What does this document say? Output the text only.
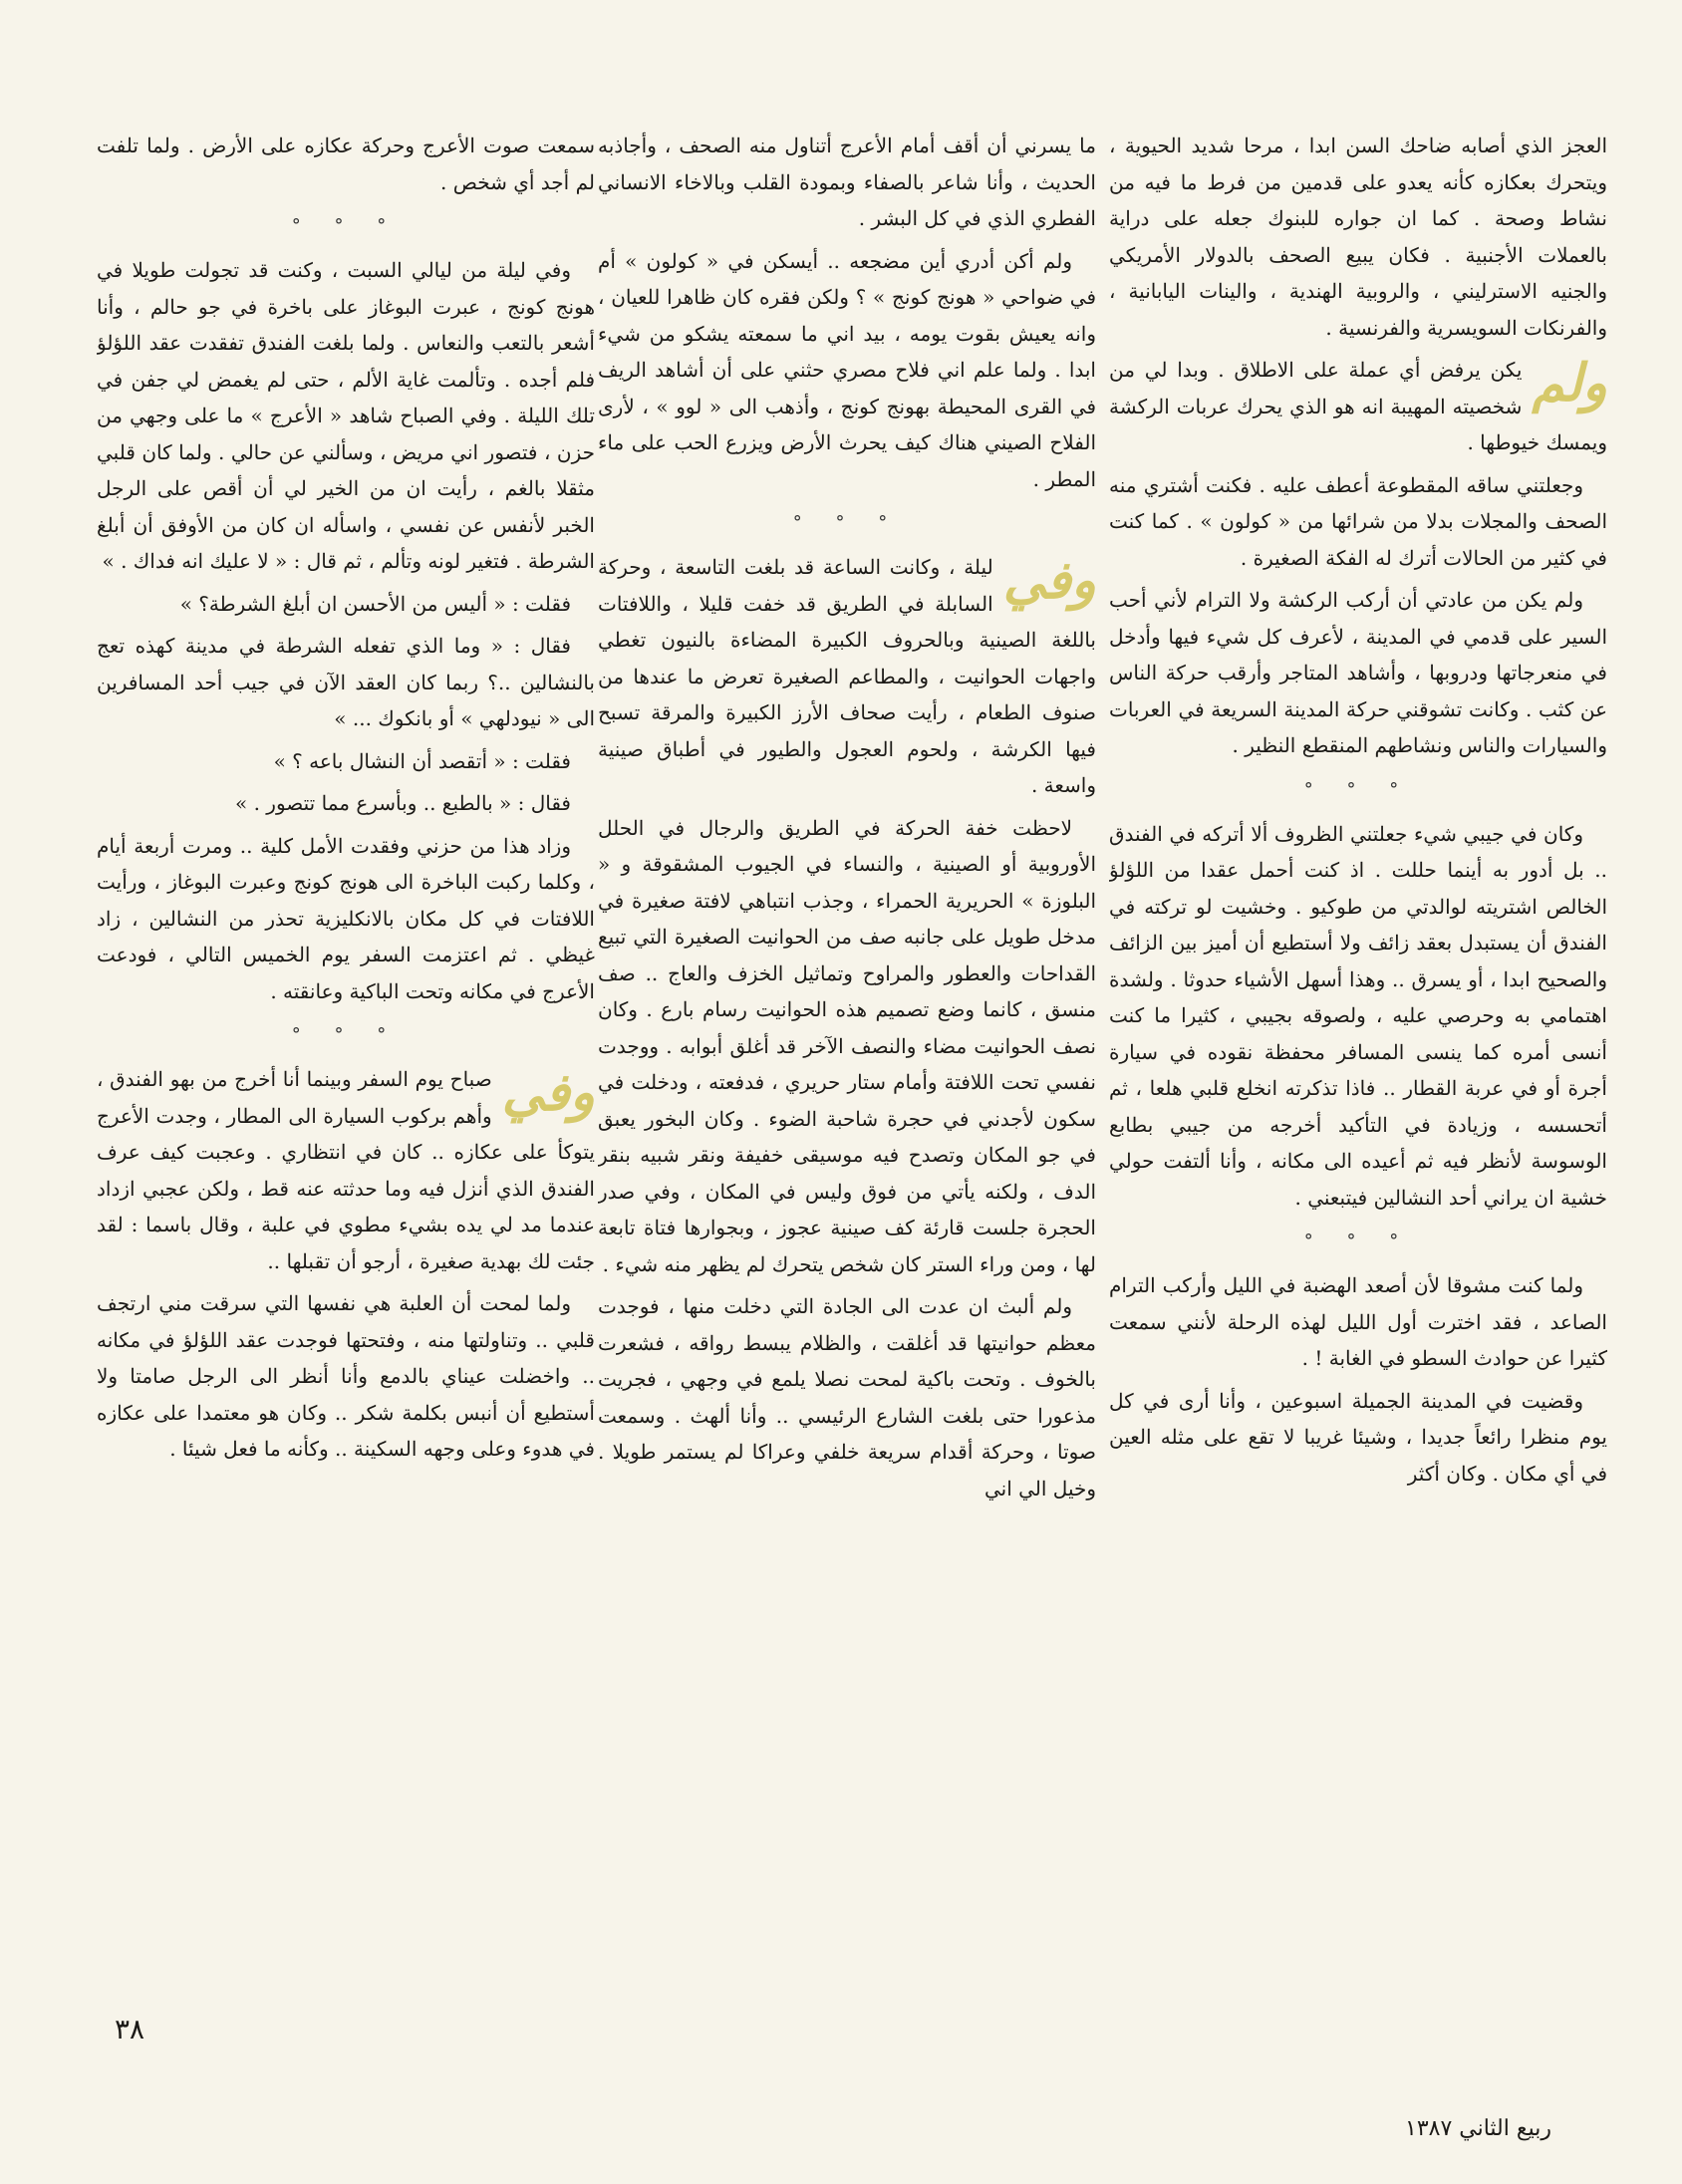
العجز الذي أصابه ضاحك السن ابدا ، مرحا شديد الحيوية ، ويتحرك بعكازه كأنه يعدو على قدمين من فرط ما فيه من نشاط وصحة . كما ان جواره للبنوك جعله على دراية بالعملات الأجنبية . فكان يبيع الصحف بالدولار الأمريكي والجنيه الاسترليني ، والروبية الهندية ، والينات اليابانية ، والفرنكات السويسرية والفرنسية .

ولم
يكن يرفض أي عملة على الاطلاق . وبدا لي من شخصيته المهيبة انه هو الذي يحرك عربات الركشة ويمسك خيوطها .

وجعلتني ساقه المقطوعة أعطف عليه . فكنت أشتري منه الصحف والمجلات بدلا من شرائها من « كولون » . كما كنت في كثير من الحالات أترك له الفكة الصغيرة .

ولم يكن من عادتي أن أركب الركشة ولا الترام لأني أحب السير على قدمي في المدينة ، لأعرف كل شيء فيها وأدخل في منعرجاتها ودروبها ، وأشاهد المتاجر وأرقب حركة الناس عن كثب . وكانت تشوقني حركة المدينة السريعة في العربات والسيارات والناس ونشاطهم المنقطع النظير .

° ° °

وكان في جيبي شيء جعلتني الظروف ألا أتركه في الفندق .. بل أدور به أينما حللت . اذ كنت أحمل عقدا من اللؤلؤ الخالص اشتريته لوالدتي من طوكيو . وخشيت لو تركته في الفندق أن يستبدل بعقد زائف ولا أستطيع أن أميز بين الزائف والصحيح ابدا ، أو يسرق .. وهذا أسهل الأشياء حدوثا . ولشدة اهتمامي به وحرصي عليه ، ولصوقه بجيبي ، كثيرا ما كنت أنسى أمره كما ينسى المسافر محفظة نقوده في سيارة أجرة أو في عربة القطار .. فاذا تذكرته انخلع قلبي هلعا ، ثم أتحسسه ، وزيادة في التأكيد أخرجه من جيبي بطابع الوسوسة لأنظر فيه ثم أعيده الى مكانه ، وأنا ألتفت حولي خشية ان يراني أحد النشالين فيتبعني .

° ° °

ولما كنت مشوقا لأن أصعد الهضبة في الليل وأركب الترام الصاعد ، فقد اخترت أول الليل لهذه الرحلة لأنني سمعت كثيرا عن حوادث السطو في الغابة ! .

وقضيت في المدينة الجميلة اسبوعين ، وأنا أرى في كل يوم منظرا رائعاً جديدا ، وشيئا غريبا لا تقع على مثله العين في أي مكان . وكان أكثر

ما يسرني أن أقف أمام الأعرج أتناول منه الصحف ، وأجاذبه الحديث ، وأنا شاعر بالصفاء وبمودة القلب وبالاخاء الانساني الفطري الذي في كل البشر .

ولم أكن أدري أين مضجعه .. أيسكن في « كولون » أم في ضواحي « هونج كونج » ؟ ولكن فقره كان ظاهرا للعيان ، وانه يعيش بقوت يومه ، بيد اني ما سمعته يشكو من شيء ابدا . ولما علم اني فلاح مصري حثني على أن أشاهد الريف في القرى المحيطة بهونج كونج ، وأذهب الى « لوو » ، لأرى الفلاح الصيني هناك كيف يحرث الأرض ويزرع الحب على ماء المطر .

° ° °

وفي
ليلة ، وكانت الساعة قد بلغت التاسعة ، وحركة السابلة في الطريق قد خفت قليلا ، واللافتات باللغة الصينية وبالحروف الكبيرة المضاءة بالنيون تغطي واجهات الحوانيت ، والمطاعم الصغيرة تعرض ما عندها من صنوف الطعام ، رأيت صحاف الأرز الكبيرة والمرقة تسبح فيها الكرشة ، ولحوم العجول والطيور في أطباق صينية واسعة .

لاحظت خفة الحركة في الطريق والرجال في الحلل الأوروبية أو الصينية ، والنساء في الجيوب المشقوقة و « البلوزة » الحريرية الحمراء ، وجذب انتباهي لافتة صغيرة في مدخل طويل على جانبه صف من الحوانيت الصغيرة التي تبيع القداحات والعطور والمراوح وتماثيل الخزف والعاج .. صف منسق ، كانما وضع تصميم هذه الحوانيت رسام بارع . وكان نصف الحوانيت مضاء والنصف الآخر قد أغلق أبوابه . ووجدت نفسي تحت اللافتة وأمام ستار حريري ، فدفعته ، ودخلت في سكون لأجدني في حجرة شاحبة الضوء . وكان البخور يعبق في جو المكان وتصدح فيه موسيقى خفيفة ونقر شبيه بنقر الدف ، ولكنه يأتي من فوق وليس في المكان ، وفي صدر الحجرة جلست قارئة كف صينية عجوز ، وبجوارها فتاة تابعة لها ، ومن وراء الستر كان شخص يتحرك لم يظهر منه شيء .

ولم ألبث ان عدت الى الجادة التي دخلت منها ، فوجدت معظم حوانيتها قد أغلقت ، والظلام يبسط رواقه ، فشعرت بالخوف . وتحت باكية لمحت نصلا يلمع في وجهي ، فجريت مذعورا حتى بلغت الشارع الرئيسي .. وأنا ألهث . وسمعت صوتا ، وحركة أقدام سريعة خلفي وعراكا لم يستمر طويلا . وخيل الي اني

سمعت صوت الأعرج وحركة عكازه على الأرض . ولما تلفت لم أجد أي شخص .

° ° °

وفي ليلة من ليالي السبت ، وكنت قد تجولت طويلا في هونج كونج ، عبرت البوغاز على باخرة في جو حالم ، وأنا أشعر بالتعب والنعاس . ولما بلغت الفندق تفقدت عقد اللؤلؤ فلم أجده . وتألمت غاية الألم ، حتى لم يغمض لي جفن في تلك الليلة . وفي الصباح شاهد « الأعرج » ما على وجهي من حزن ، فتصور اني مريض ، وسألني عن حالي . ولما كان قلبي مثقلا بالغم ، رأيت ان من الخير لي أن أقص على الرجل الخبر لأنفس عن نفسي ، واسأله ان كان من الأوفق أن أبلغ الشرطة . فتغير لونه وتألم ، ثم قال : « لا عليك انه فداك . »

فقلت : « أليس من الأحسن ان أبلغ الشرطة؟ »

فقال : « وما الذي تفعله الشرطة في مدينة كهذه تعج بالنشالين ..؟ ربما كان العقد الآن في جيب أحد المسافرين الى « نيودلهي » أو بانكوك ... »

فقلت : « أتقصد أن النشال باعه ؟ »

فقال : « بالطبع .. وبأسرع مما تتصور . »

وزاد هذا من حزني وفقدت الأمل كلية .. ومرت أربعة أيام ، وكلما ركبت الباخرة الى هونج كونج وعبرت البوغاز ، ورأيت اللافتات في كل مكان بالانكليزية تحذر من النشالين ، زاد غيظي . ثم اعتزمت السفر يوم الخميس التالي ، فودعت الأعرج في مكانه وتحت الباكية وعانقته .

° ° °

وفي
صباح يوم السفر وبينما أنا أخرج من بهو الفندق ، وأهم بركوب السيارة الى المطار ، وجدت الأعرج يتوكأ على عكازه .. كان في انتظاري . وعجبت كيف عرف الفندق الذي أنزل فيه وما حدثته عنه قط ، ولكن عجبي ازداد عندما مد لي يده بشيء مطوي في علبة ، وقال باسما : لقد جئت لك بهدية صغيرة ، أرجو أن تقبلها ..

ولما لمحت أن العلبة هي نفسها التي سرقت مني ارتجف قلبي .. وتناولتها منه ، وفتحتها فوجدت عقد اللؤلؤ في مكانه .. واخضلت عيناي بالدمع وأنا أنظر الى الرجل صامتا ولا أستطيع أن أنبس بكلمة شكر .. وكان هو معتمدا على عكازه في هدوء وعلى وجهه السكينة .. وكأنه ما فعل شيئا .

٣٨
ربيع الثاني ١٣٨٧
